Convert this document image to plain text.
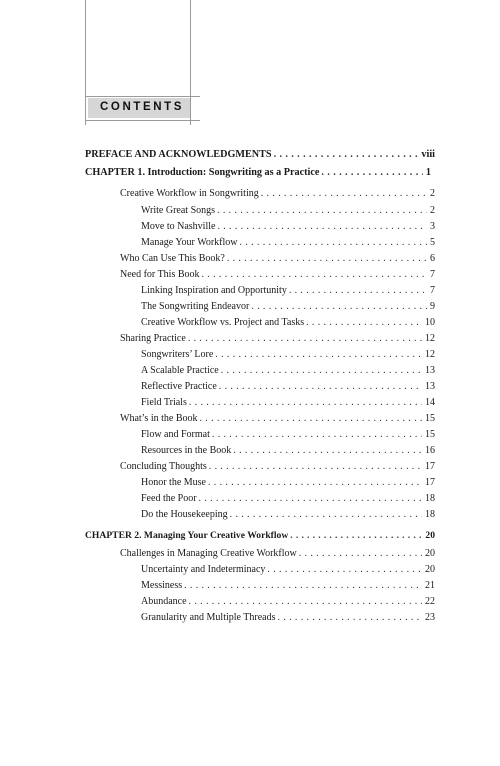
CONTENTS
PREFACE AND ACKNOWLEDGMENTS . . .	viii
CHAPTER 1. Introduction: Songwriting as a Practice . . .	1
Creative Workflow in Songwriting . . .	2
Write Great Songs . . .	2
Move to Nashville . . .	3
Manage Your Workflow . . .	5
Who Can Use This Book? . . .	6
Need for This Book . . .	7
Linking Inspiration and Opportunity . . .	7
The Songwriting Endeavor . . .	9
Creative Workflow vs. Project and Tasks . . .	10
Sharing Practice . . .	12
Songwriters’ Lore . . .	12
A Scalable Practice . . .	13
Reflective Practice . . .	13
Field Trials . . .	14
What’s in the Book . . .	15
Flow and Format . . .	15
Resources in the Book . . .	16
Concluding Thoughts . . .	17
Honor the Muse . . .	17
Feed the Poor . . .	18
Do the Housekeeping . . .	18
CHAPTER 2. Managing Your Creative Workflow . . .	20
Challenges in Managing Creative Workflow . . .	20
Uncertainty and Indeterminacy . . .	20
Messiness . . .	21
Abundance . . .	22
Granularity and Multiple Threads . . .	23
